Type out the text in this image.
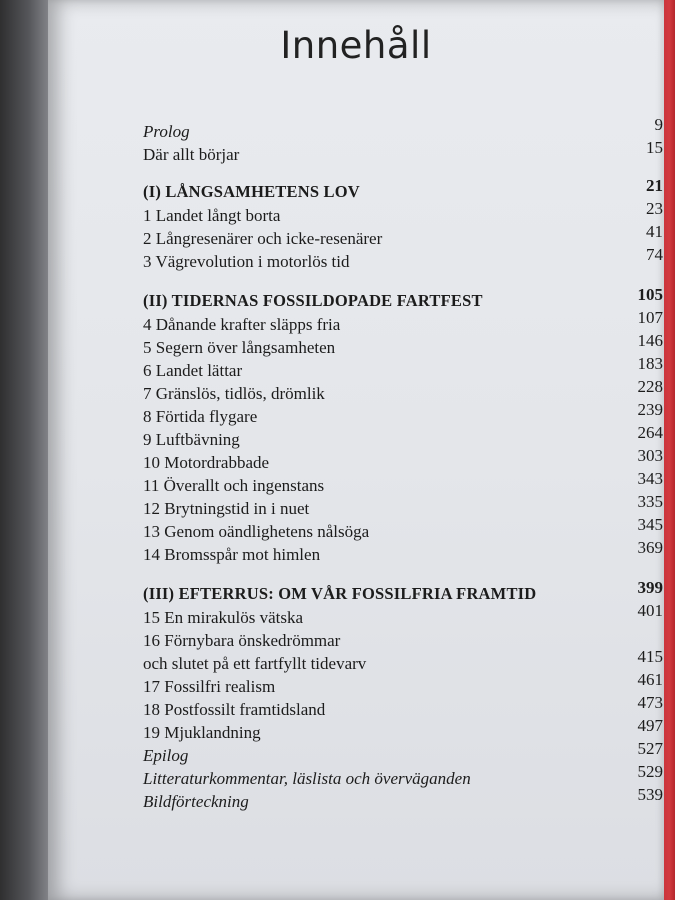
Innehåll
Prolog	9
Där allt börjar	15
(I) LÅNGSAMHETENS LOV	21
1 Landet långt borta	23
2 Långresenärer och icke-resenärer	41
3 Vägrevolution i motorlös tid	74
(II) TIDERNAS FOSSILDOPADE FARTFEST	105
4 Dånande krafter släpps fria	107
5 Segern över långsamheten	146
6 Landet lättar	183
7 Gränslös, tidlös, drömlik	228
8 Förtida flygare	239
9 Luftbävning	264
10 Motordrabbade	303
11 Överallt och ingenstans	343
12 Brytningstid in i nuet	335
13 Genom oändlighetens nålsöga	345
14 Bromsspår mot himlen	369
(III) EFTERRUS: OM VÅR FOSSILFRIA FRAMTID	399
15 En mirakulös vätska	401
16 Förnybara önskedrömmar
och slutet på ett fartfyllt tidevarv	415
17 Fossilfri realism	461
18 Postfossilt framtidsland	473
19 Mjuklandning	497
Epilog	527
Litteraturkommentar, läslista och överväganden	529
Bildförteckning	539
